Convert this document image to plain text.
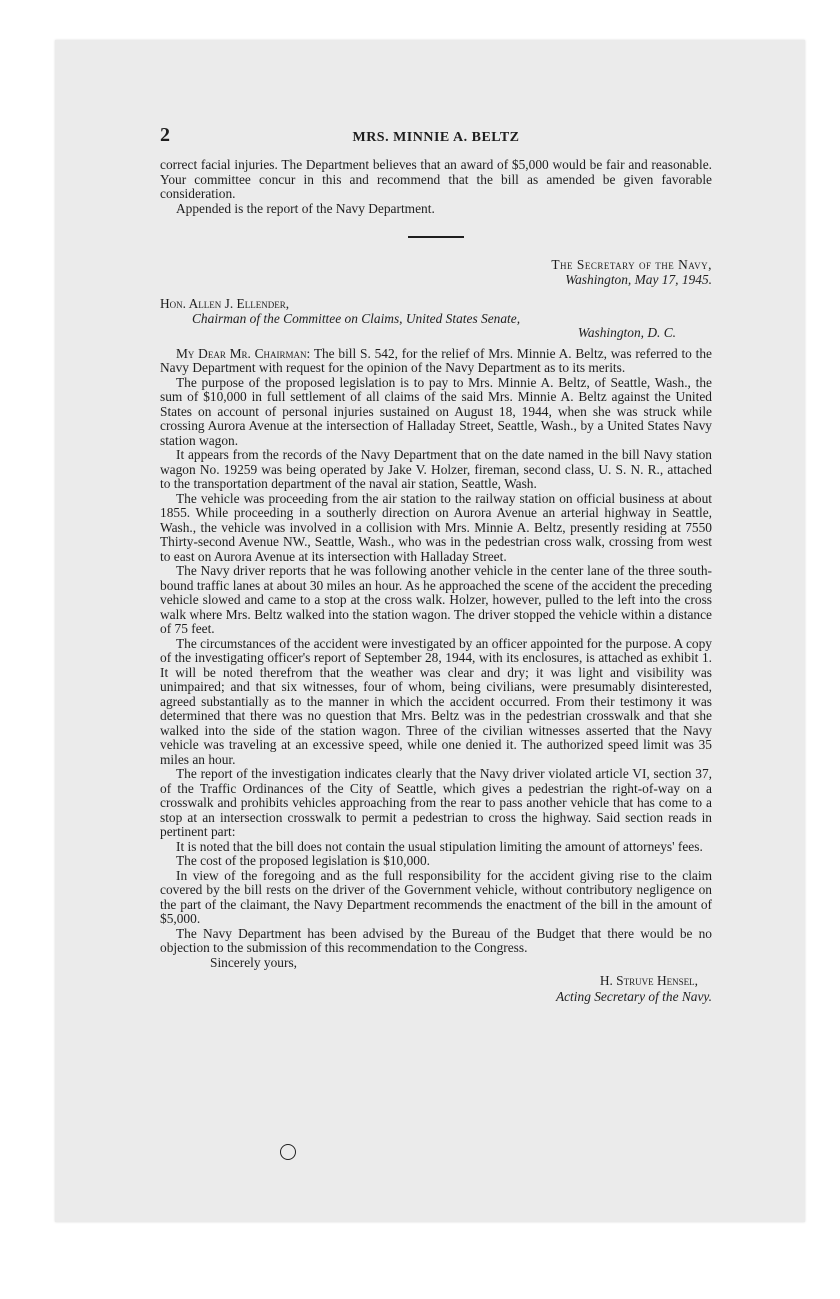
2	MRS. MINNIE A. BELTZ

correct facial injuries. The Department believes that an award of $5,000 would be fair and reasonable. Your committee concur in this and recommend that the bill as amended be given favorable consideration.

Appended is the report of the Navy Department.

The Secretary of the Navy,
Washington, May 17, 1945.
Hon. Allen J. Ellender,
Chairman of the Committee on Claims, United States Senate,
Washington, D. C.

My Dear Mr. Chairman: The bill S. 542, for the relief of Mrs. Minnie A. Beltz, was referred to the Navy Department with request for the opinion of the Navy Department as to its merits.

The purpose of the proposed legislation is to pay to Mrs. Minnie A. Beltz, of Seattle, Wash., the sum of $10,000 in full settlement of all claims of the said Mrs. Minnie A. Beltz against the United States on account of personal injuries sustained on August 18, 1944, when she was struck while crossing Aurora Avenue at the intersection of Halladay Street, Seattle, Wash., by a United States Navy station wagon.

It appears from the records of the Navy Department that on the date named in the bill Navy station wagon No. 19259 was being operated by Jake V. Holzer, fireman, second class, U. S. N. R., attached to the transportation department of the naval air station, Seattle, Wash.

The vehicle was proceeding from the air station to the railway station on official business at about 1855. While proceeding in a southerly direction on Aurora Avenue an arterial highway in Seattle, Wash., the vehicle was involved in a collision with Mrs. Minnie A. Beltz, presently residing at 7550 Thirty-second Avenue NW., Seattle, Wash., who was in the pedestrian cross walk, crossing from west to east on Aurora Avenue at its intersection with Halladay Street.

The Navy driver reports that he was following another vehicle in the center lane of the three south-bound traffic lanes at about 30 miles an hour. As he approached the scene of the accident the preceding vehicle slowed and came to a stop at the cross walk. Holzer, however, pulled to the left into the cross walk where Mrs. Beltz walked into the station wagon. The driver stopped the vehicle within a distance of 75 feet.

The circumstances of the accident were investigated by an officer appointed for the purpose. A copy of the investigating officer's report of September 28, 1944, with its enclosures, is attached as exhibit 1. It will be noted therefrom that the weather was clear and dry; it was light and visibility was unimpaired; and that six witnesses, four of whom, being civilians, were presumably disinterested, agreed substantially as to the manner in which the accident occurred. From their testimony it was determined that there was no question that Mrs. Beltz was in the pedestrian crosswalk and that she walked into the side of the station wagon. Three of the civilian witnesses asserted that the Navy vehicle was traveling at an excessive speed, while one denied it. The authorized speed limit was 35 miles an hour.

The report of the investigation indicates clearly that the Navy driver violated article VI, section 37, of the Traffic Ordinances of the City of Seattle, which gives a pedestrian the right-of-way on a crosswalk and prohibits vehicles approaching from the rear to pass another vehicle that has come to a stop at an intersection crosswalk to permit a pedestrian to cross the highway. Said section reads in pertinent part:

It is noted that the bill does not contain the usual stipulation limiting the amount of attorneys' fees.

The cost of the proposed legislation is $10,000.

In view of the foregoing and as the full responsibility for the accident giving rise to the claim covered by the bill rests on the driver of the Government vehicle, without contributory negligence on the part of the claimant, the Navy Department recommends the enactment of the bill in the amount of $5,000.

The Navy Department has been advised by the Bureau of the Budget that there would be no objection to the submission of this recommendation to the Congress.

Sincerely yours,
H. Struve Hensel,
Acting Secretary of the Navy.
